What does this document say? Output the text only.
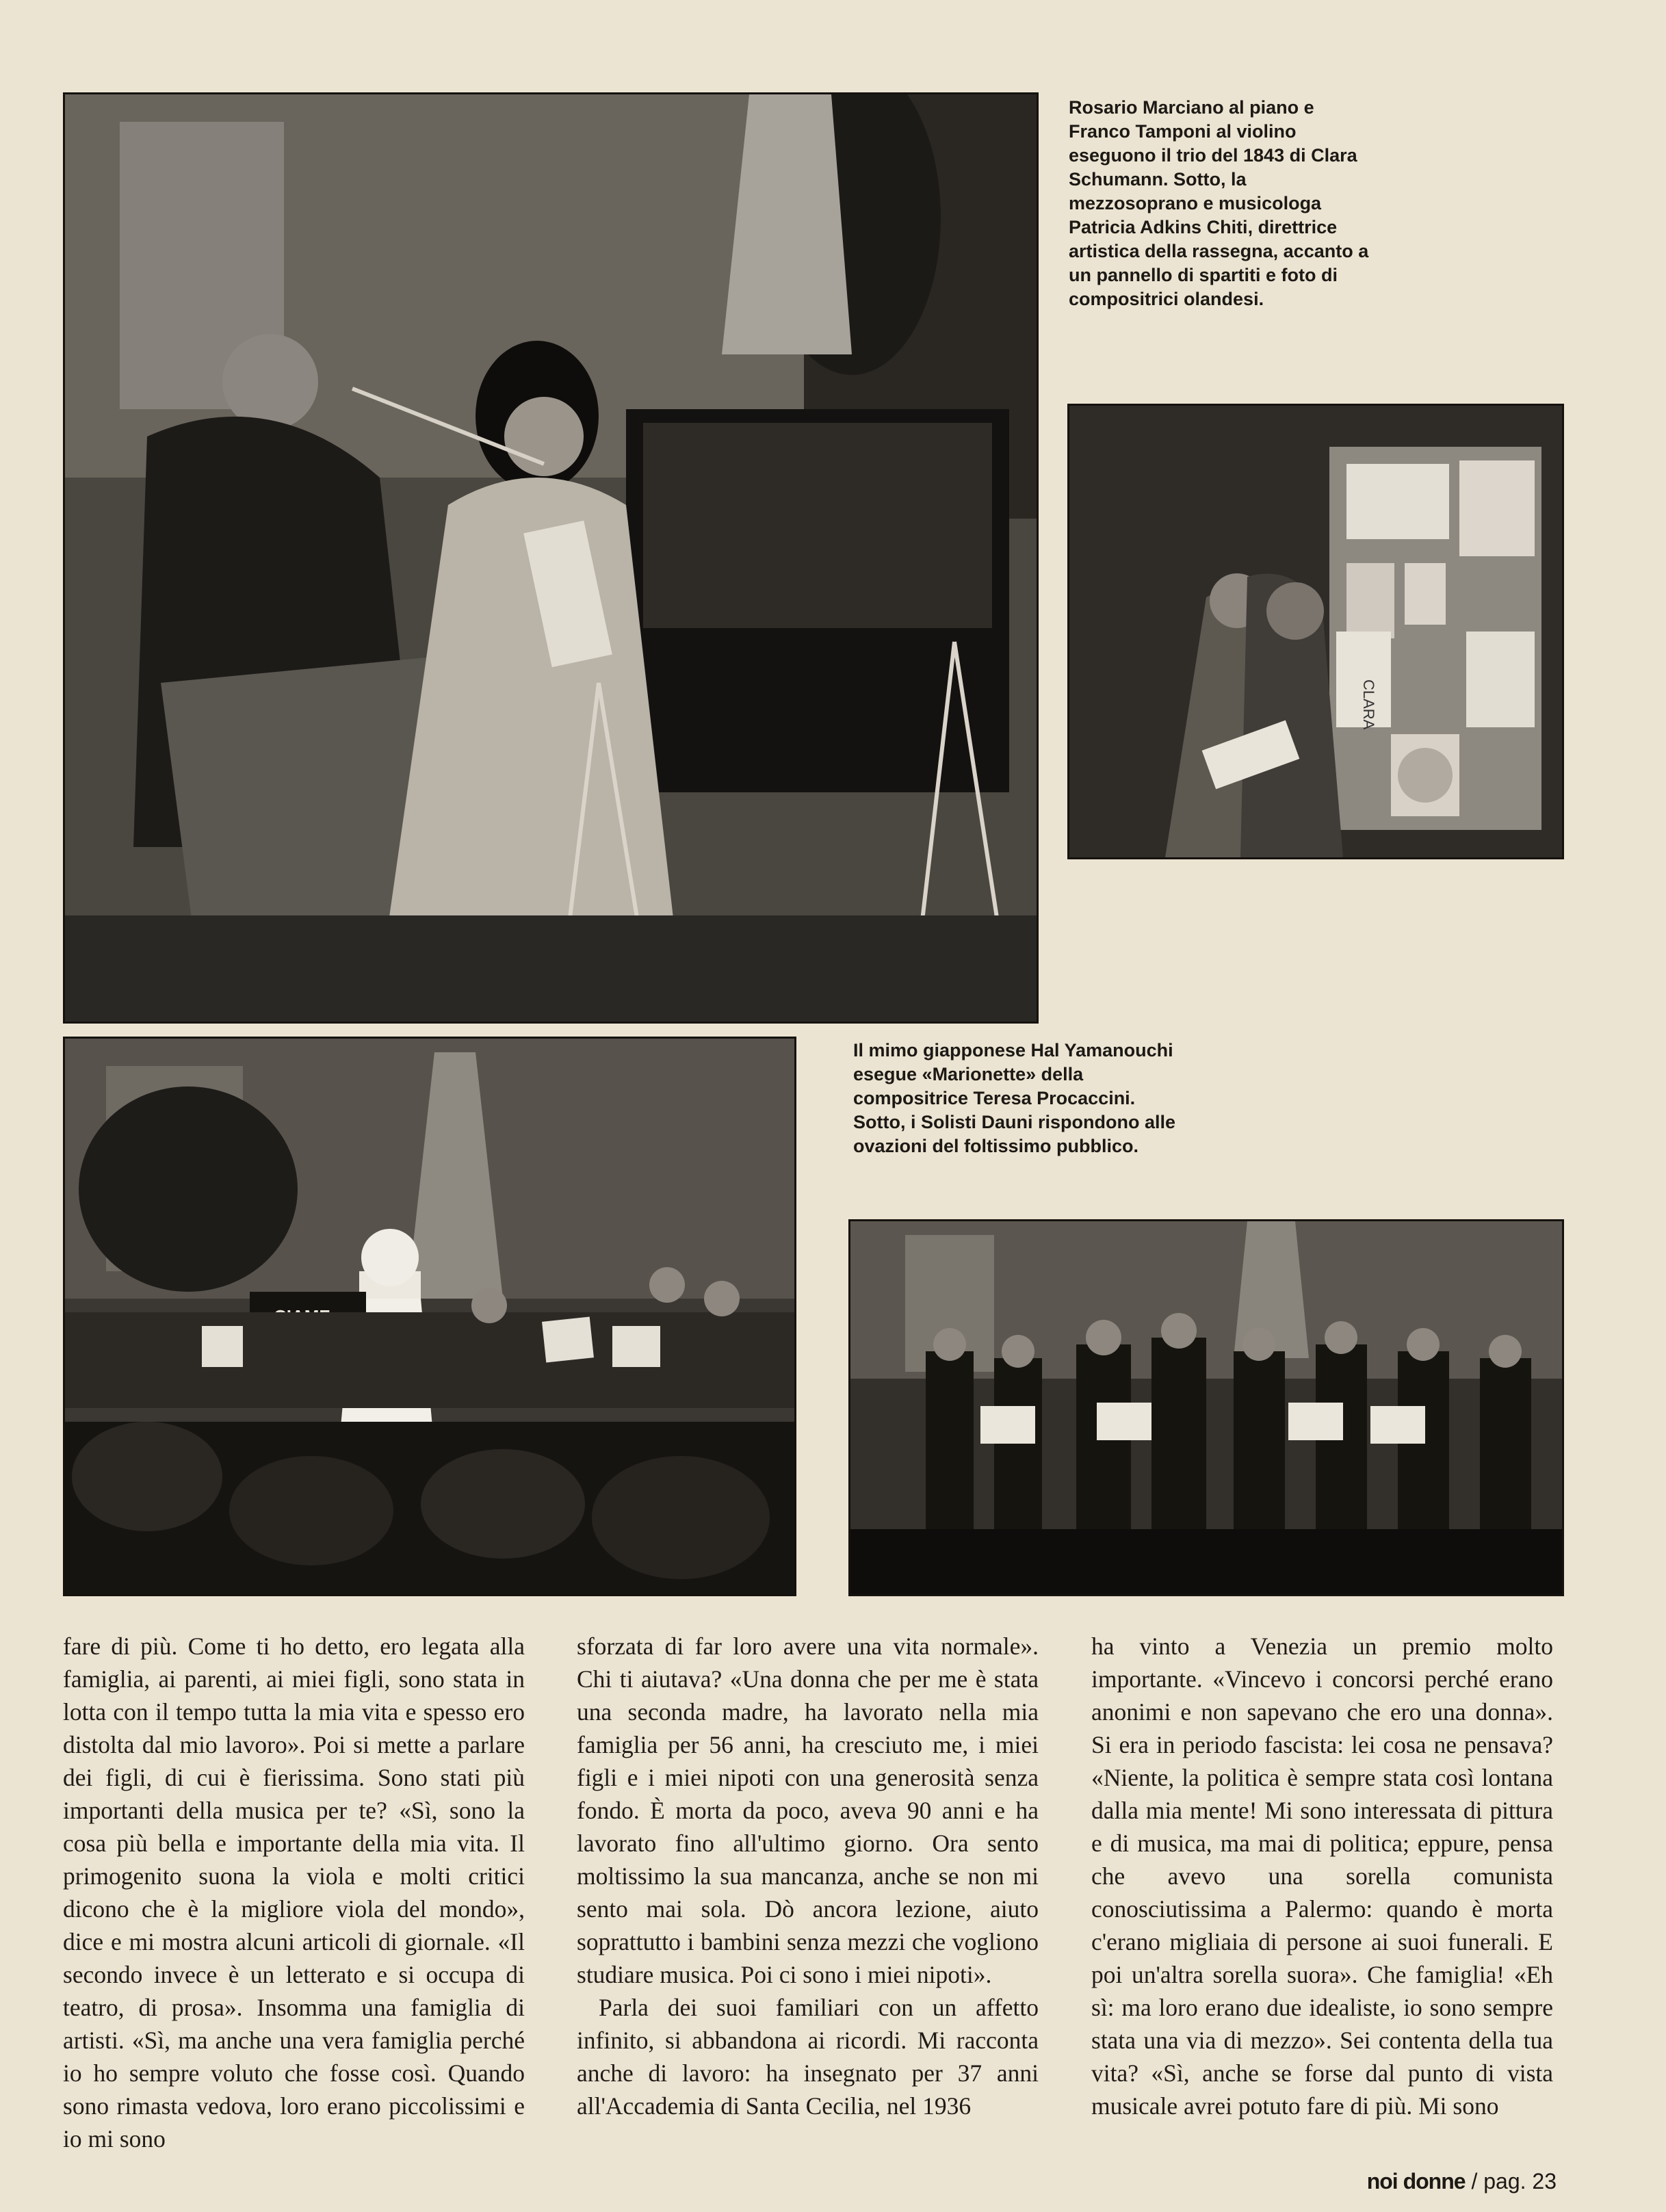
Rosario Marciano al piano e Franco Tamponi al violino eseguono il trio del 1843 di Clara Schumann. Sotto, la mezzosoprano e musicologa Patricia Adkins Chiti, direttrice artistica della rassegna, accanto a un pannello di spartiti e foto di compositrici olandesi.

CLARA

Il mimo giapponese Hal Yamanouchi esegue «Marionette» della compositrice Teresa Procaccini. Sotto, i Solisti Dauni rispondono alle ovazioni del foltissimo pubblico.

fare di più. Come ti ho detto, ero legata alla famiglia, ai parenti, ai miei figli, sono stata in lotta con il tempo tutta la mia vita e spesso ero distolta dal mio lavoro». Poi si mette a parlare dei figli, di cui è fierissima. Sono stati più importanti della musica per te? «Sì, sono la cosa più bella e importante della mia vita. Il primogenito suona la viola e molti critici dicono che è la migliore viola del mondo», dice e mi mostra alcuni articoli di giornale. «Il secondo invece è un letterato e si occupa di teatro, di prosa». Insomma una famiglia di artisti. «Sì, ma anche una vera famiglia perché io ho sempre voluto che fosse così. Quando sono rimasta vedova, loro erano piccolissimi e io mi sono

sforzata di far loro avere una vita normale». Chi ti aiutava? «Una donna che per me è stata una seconda madre, ha lavorato nella mia famiglia per 56 anni, ha cresciuto me, i miei figli e i miei nipoti con una generosità senza fondo. È morta da poco, aveva 90 anni e ha lavorato fino all'ultimo giorno. Ora sento moltissimo la sua mancanza, anche se non mi sento mai sola. Dò ancora lezione, aiuto soprattutto i bambini senza mezzi che vogliono studiare musica. Poi ci sono i miei nipoti».

Parla dei suoi familiari con un affetto infinito, si abbandona ai ricordi. Mi racconta anche di lavoro: ha insegnato per 37 anni all'Accademia di Santa Cecilia, nel 1936

ha vinto a Venezia un premio molto importante. «Vincevo i concorsi perché erano anonimi e non sapevano che ero una donna». Si era in periodo fascista: lei cosa ne pensava? «Niente, la politica è sempre stata così lontana dalla mia mente! Mi sono interessata di pittura e di musica, ma mai di politica; eppure, pensa che avevo una sorella comunista conosciutissima a Palermo: quando è morta c'erano migliaia di persone ai suoi funerali. E poi un'altra sorella suora». Che famiglia! «Eh sì: ma loro erano due idealiste, io sono sempre stata una via di mezzo». Sei contenta della tua vita? «Sì, anche se forse dal punto di vista musicale avrei potuto fare di più. Mi sono

noi donne / pag. 23
